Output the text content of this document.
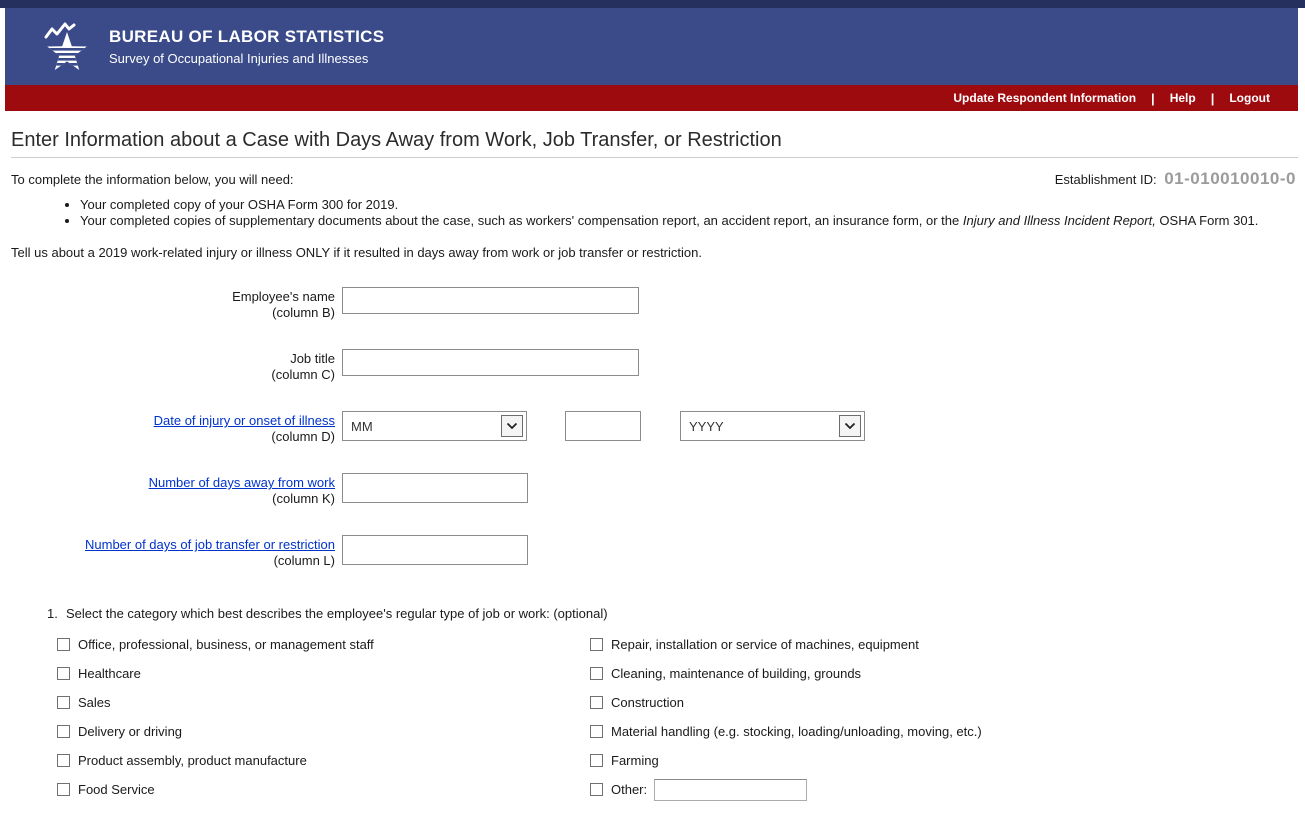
BUREAU OF LABOR STATISTICS
Survey of Occupational Injuries and Illnesses
Update Respondent Information | Help | Logout
Enter Information about a Case with Days Away from Work, Job Transfer, or Restriction
To complete the information below, you will need:	Establishment ID: 01-010010010-0
• Your completed copy of your OSHA Form 300 for 2019.
• Your completed copies of supplementary documents about the case, such as workers' compensation report, an accident report, an insurance form, or the Injury and Illness Incident Report, OSHA Form 301.
Tell us about a 2019 work-related injury or illness ONLY if it resulted in days away from work or job transfer or restriction.
Employee's name
(column B)
Job title
(column C)
Date of injury or onset of illness
(column D)
MM	YYYY
Number of days away from work
(column K)
Number of days of job transfer or restriction
(column L)
1. Select the category which best describes the employee's regular type of job or work: (optional)
Office, professional, business, or management staff	Repair, installation or service of machines, equipment
Healthcare	Cleaning, maintenance of building, grounds
Sales	Construction
Delivery or driving	Material handling (e.g. stocking, loading/unloading, moving, etc.)
Product assembly, product manufacture	Farming
Food Service	Other:
